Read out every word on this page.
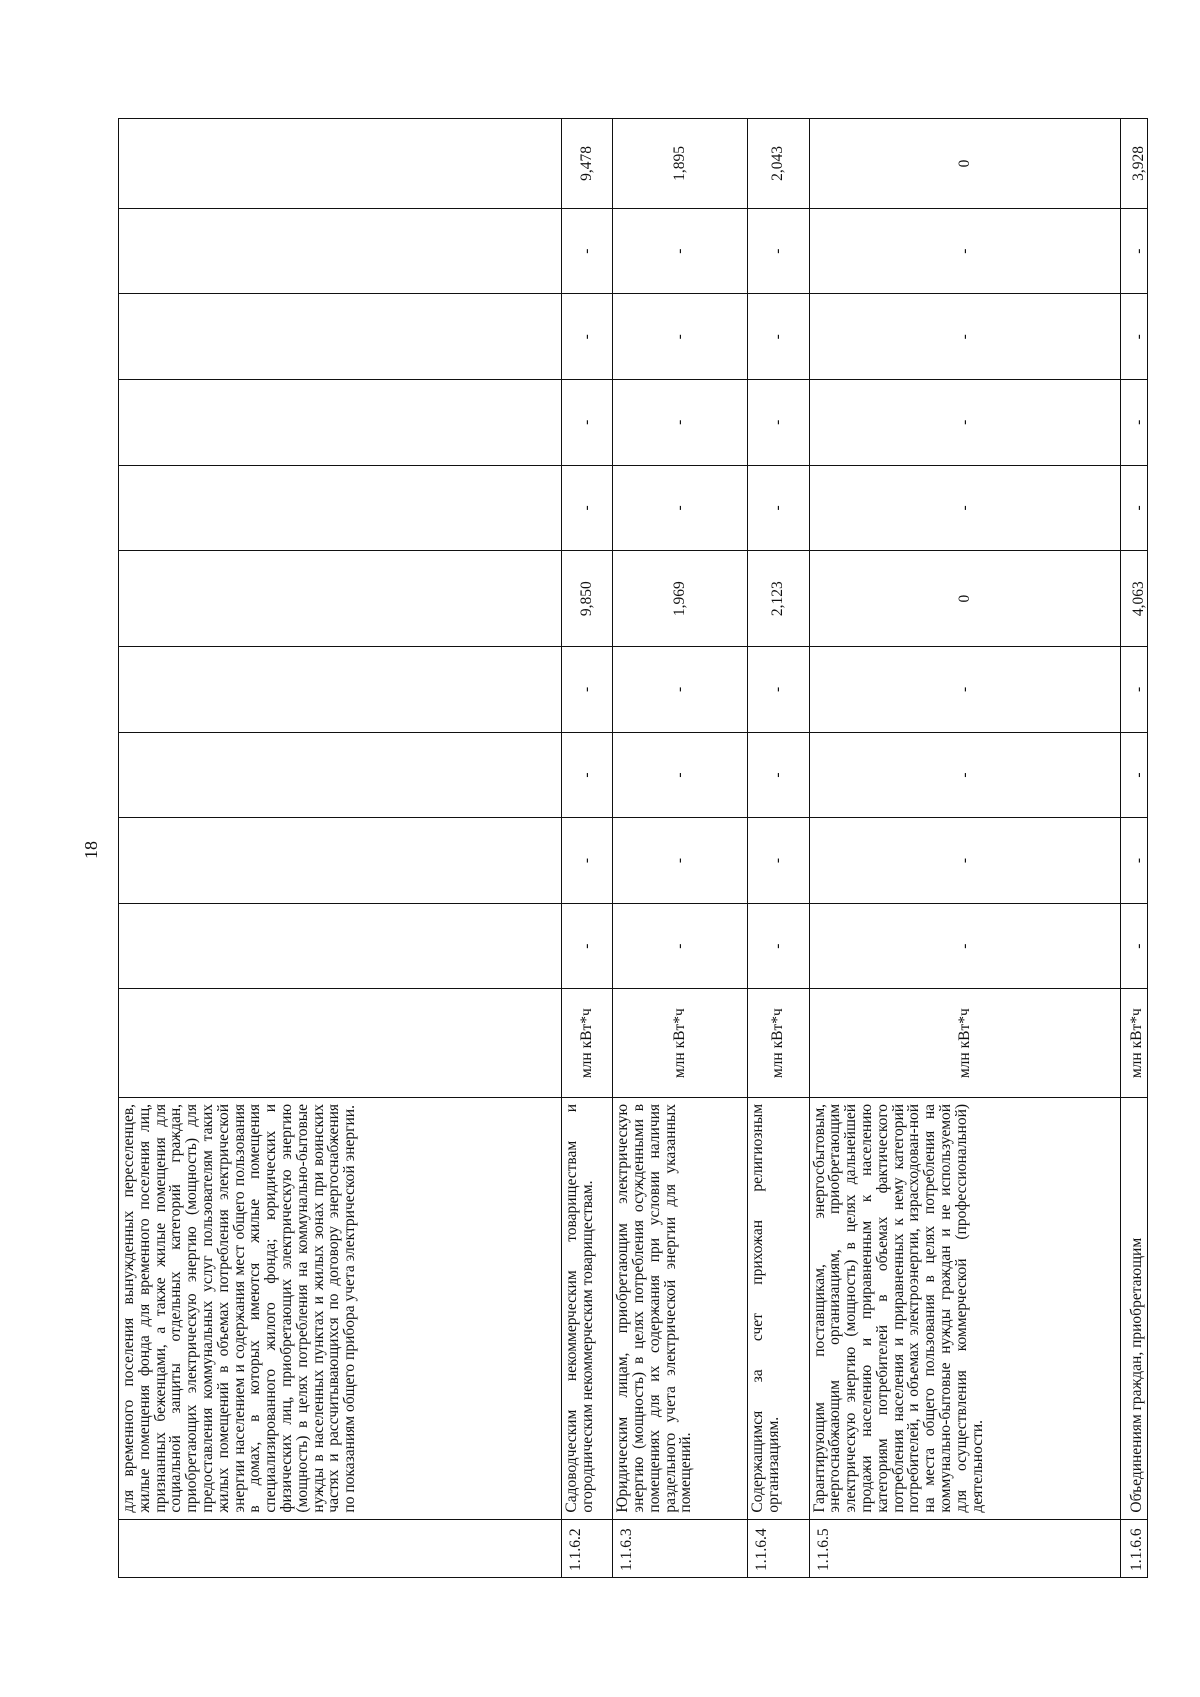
18
	для временного поселения вынужденных переселенцев, жилые помещения фонда для временного поселения лиц, признанных беженцами, а также жилые помещения для социальной защиты отдельных категорий граждан, приобретающих электрическую энергию (мощность) для предоставления коммунальных услуг пользователям таких жилых помещений в объемах потребления электрической энергии населением и содержания мест общего пользования в домах, в которых имеются жилые помещения специализированного жилого фонда; юридических и физических лиц, приобретающих электрическую энергию (мощность) в целях потребления на коммунально-бытовые нужды в населенных пунктах и жилых зонах при воинских частях и рассчитывающихся по договору энергоснабжения по показаниям общего прибора учета электрической энергии.											
1.1.6.2	Садоводческим некоммерческим товариществам и огородническим некоммерческим товариществам.	млн кВт*ч	-	-	-	-	9,850	-	-	-	-	9,478
1.1.6.3	Юридическим лицам, приобретающим электрическую энергию (мощность) в целях потребления осужденными в помещениях для их содержания при условии наличия раздельного учета электрической энергии для указанных помещений.	млн кВт*ч	-	-	-	-	1,969	-	-	-	-	1,895
1.1.6.4	Содержащимся за счет прихожан религиозным организациям.	млн кВт*ч	-	-	-	-	2,123	-	-	-	-	2,043
1.1.6.5	Гарантирующим поставщикам, энергосбытовым, энергоснабжающим организациям, приобретающим электрическую энергию (мощность) в целях дальнейшей продажи населению и приравненным к населению категориям потребителей в объемах фактического потребления населения и приравненных к нему категорий потребителей, и объемах электроэнергии, израсходован-ной на места общего пользования в целях потребления на коммунально-бытовые нужды граждан и не используемой для осуществления коммерческой (профессиональной) деятельности.	млн кВт*ч	-	-	-	-	0	-	-	-	-	0
1.1.6.6	Объединениям граждан, приобретающим	млн кВт*ч	-	-	-	-	4,063	-	-	-	-	3,928
